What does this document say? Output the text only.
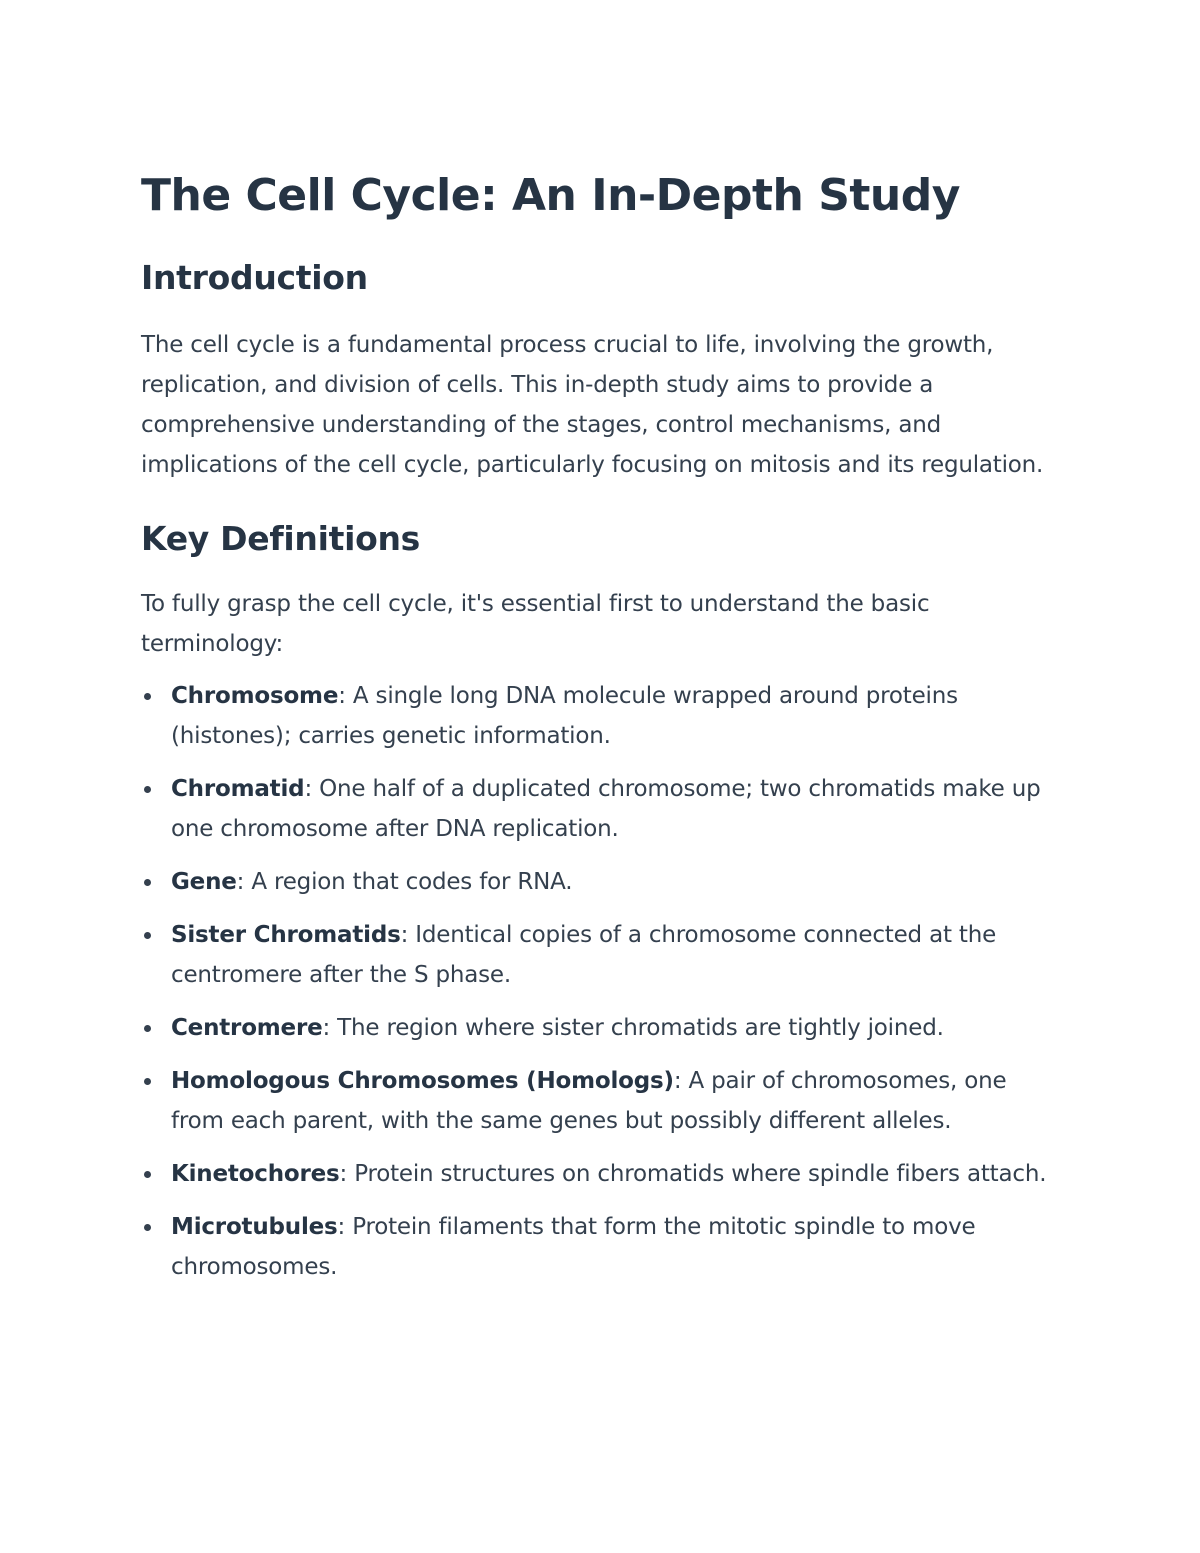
The Cell Cycle: An In-Depth Study
Introduction

The cell cycle is a fundamental process crucial to life, involving the growth, replication, and division of cells. This in-depth study aims to provide a comprehensive understanding of the stages, control mechanisms, and implications of the cell cycle, particularly focusing on mitosis and its regulation.

Key Definitions

To fully grasp the cell cycle, it's essential first to understand the basic terminology:

Chromosome: A single long DNA molecule wrapped around proteins (histones); carries genetic information.
Chromatid: One half of a duplicated chromosome; two chromatids make up one chromosome after DNA replication.
Gene: A region that codes for RNA.
Sister Chromatids: Identical copies of a chromosome connected at the centromere after the S phase.
Centromere: The region where sister chromatids are tightly joined.
Homologous Chromosomes (Homologs): A pair of chromosomes, one from each parent, with the same genes but possibly different alleles.
Kinetochores: Protein structures on chromatids where spindle fibers attach.
Microtubules: Protein filaments that form the mitotic spindle to move chromosomes.
